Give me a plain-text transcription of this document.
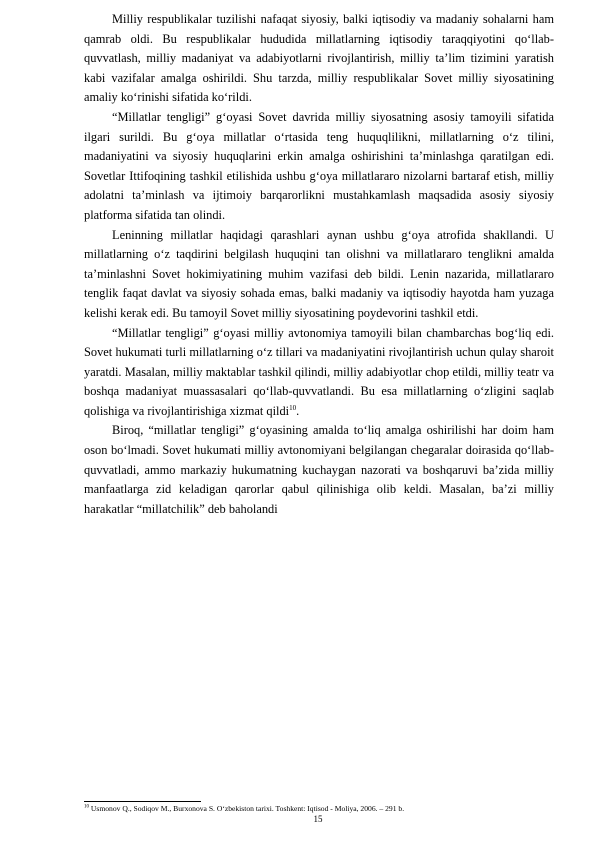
Milliy respublikalar tuzilishi nafaqat siyosiy, balki iqtisodiy va madaniy sohalarni ham qamrab oldi. Bu respublikalar hududida millatlarning iqtisodiy taraqqiyotini qo‘llab-quvvatlash, milliy madaniyat va adabiyotlarni rivojlantirish, milliy ta’lim tizimini yaratish kabi vazifalar amalga oshirildi. Shu tarzda, milliy respublikalar Sovet milliy siyosatining amaliy ko‘rinishi sifatida ko‘rildi.

“Millatlar tengligi” g‘oyasi Sovet davrida milliy siyosatning asosiy tamoyili sifatida ilgari surildi. Bu g‘oya millatlar o‘rtasida teng huquqlilikni, millatlarning o‘z tilini, madaniyatini va siyosiy huquqlarini erkin amalga oshirishini ta’minlashga qaratilgan edi. Sovetlar Ittifoqining tashkil etilishida ushbu g‘oya millatlararo nizolarni bartaraf etish, milliy adolatni ta’minlash va ijtimoiy barqarorlikni mustahkamlash maqsadida asosiy siyosiy platforma sifatida tan olindi.

Leninning millatlar haqidagi qarashlari aynan ushbu g‘oya atrofida shakllandi. U millatlarning o‘z taqdirini belgilash huquqini tan olishni va millatlararo tenglikni amalda ta’minlashni Sovet hokimiyatining muhim vazifasi deb bildi. Lenin nazarida, millatlararo tenglik faqat davlat va siyosiy sohada emas, balki madaniy va iqtisodiy hayotda ham yuzaga kelishi kerak edi. Bu tamoyil Sovet milliy siyosatining poydevorini tashkil etdi.

“Millatlar tengligi” g‘oyasi milliy avtonomiya tamoyili bilan chambarchas bog‘liq edi. Sovet hukumati turli millatlarning o‘z tillari va madaniyatini rivojlantirish uchun qulay sharoit yaratdi. Masalan, milliy maktablar tashkil qilindi, milliy adabiyotlar chop etildi, milliy teatr va boshqa madaniyat muassasalari qo‘llab-quvvatlandi. Bu esa millatlarning o‘zligini saqlab qolishiga va rivojlantirishiga xizmat qildi$^{10}$.

Biroq, “millatlar tengligi” g‘oyasining amalda to‘liq amalga oshirilishi har doim ham oson bo‘lmadi. Sovet hukumati milliy avtonomiyani belgilangan chegaralar doirasida qo‘llab-quvvatladi, ammo markaziy hukumatning kuchaygan nazorati va boshqaruvi ba’zida milliy manfaatlarga zid keladigan qarorlar qabul qilinishiga olib keldi. Masalan, ba’zi milliy harakatlar “millatchilik” deb baholandi

$^{10}$ Usmonov Q., Sodiqov M., Burxonova S. O‘zbekiston tarixi. Toshkent: Iqtisod - Moliya, 2006. – 291 b.
15
